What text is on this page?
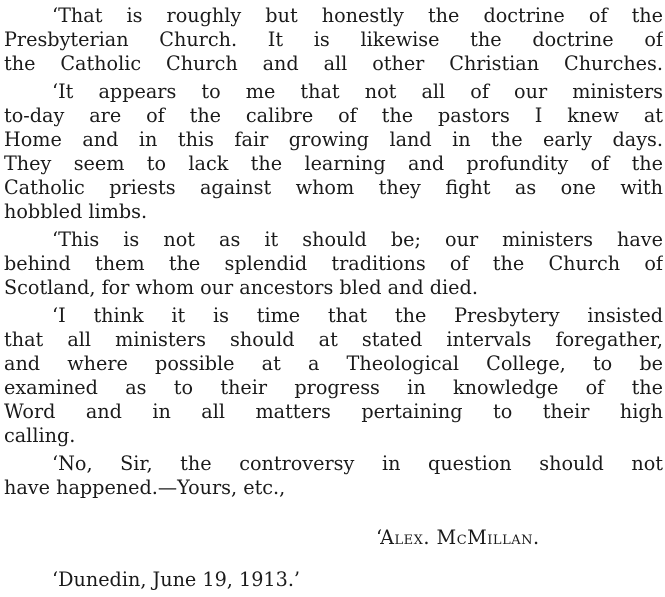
‘That is roughly but honestly the doctrine of the
Presbyterian Church. It is likewise the doctrine of
the Catholic Church and all other Christian Churches.
‘It appears to me that not all of our ministers
to-day are of the calibre of the pastors I knew at
Home and in this fair growing land in the early days.
They seem to lack the learning and profundity of the
Catholic priests against whom they fight as one with
hobbled limbs.
‘This is not as it should be; our ministers have
behind them the splendid traditions of the Church of
Scotland, for whom our ancestors bled and died.
‘I think it is time that the Presbytery insisted
that all ministers should at stated intervals foregather,
and where possible at a Theological College, to be
examined as to their progress in knowledge of the
Word and in all matters pertaining to their high
calling.
‘No, Sir, the controversy in question should not
have happened.—Yours, etc.,
‘Alex. McMillan.
‘Dunedin, June 19, 1913.’
